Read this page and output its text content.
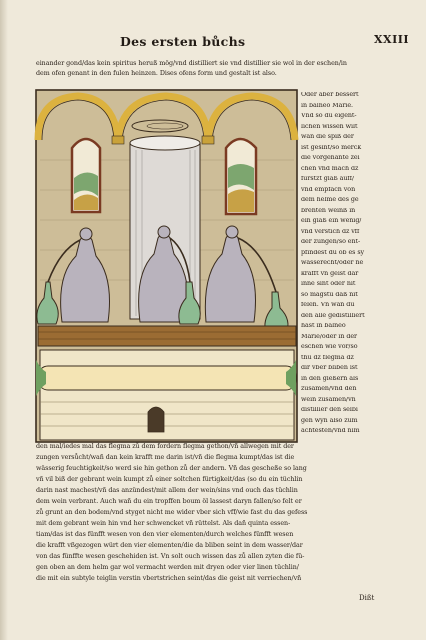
Des ersten bůchs	XXIII
einander gond/das kein spiritus heruß mög/vnd distilliert sie vnd distillier sie wol in der eschen/in
dem ofen genant in den fulen heinzen. Dises ofens form und gestalt ist also.
Oder aber bessert
in balneo Marie.
Vnd so du eigent-
lichen wissen wilt
wañ die spiß der
ist gesint/so merck
die vorgenante zei
chen vnd mach dz
fürstzt glaß auff/
vnd empfach von
dem helme des ge
brenten weinß in
ein glaß ein wenig/
vnd verstich dz vff
der zungen/so ent-
pfindest du ob es sy
wasserecht/oder ne
krafft vñ geist dar
inne sint oder nit
so magstu daß nit
felen. Vñ wan du
den alle gedistilliert
hast in balneo
Marie/oder in der
eschen wie vor/so
thů dz flegma dz
dir vber bliben ist
in den gleßern als
zusamen/vnd den
wein zusamen/vñ
distillier den selbi
gen wyn also zum
achtesten/vnd nim
den mal/iedes mal das flegma zů dem fordern flegma gethon/vñ allwegen mit der
zungen versůcht/wañ dan kein krafft me darin ist/vñ die flegma kumpt/das ist die
wässerig feuchtigkeit/so werd sie hin gethon zů der andern. Vñ das gescheße so lang
vñ vil biß der gebrant wein kumpt zů einer soltchen fürtigkeit/das (so du ein tüchlin
darin nast machest/vñ das anzündest/mit allem der wein/sins vnd ouch das tüchlin
dem wein verbrant. Auch wañ du ein tropffen boum öl lassest daryn fallen/so felt er
zů grunt an den bodem/vnd styget nicht me wider vber sich vff/wie fast du das gefess
mit dem gebrant wein hin vnd her schwencket vñ rüttelst. Als dañ quinta essen-
tiam/das ist das fünfft wesen von den vier elementen/durch welches fünfft wesen
die krafft vßgezogen würt den vier elementen/die da bliben seint in dem wasser/dar
von das fünffte wesen geschehiden ist. Vn solt ouch wissen das zů allen zyten die fü-
gen oben an dem helm gar wol vermacht werden mit dryen oder vier linen tüchlin/
die mit ein subtyle teiglin verstin vbertstrichen seint/das die geist nit verriechen/vñ
Dißt
